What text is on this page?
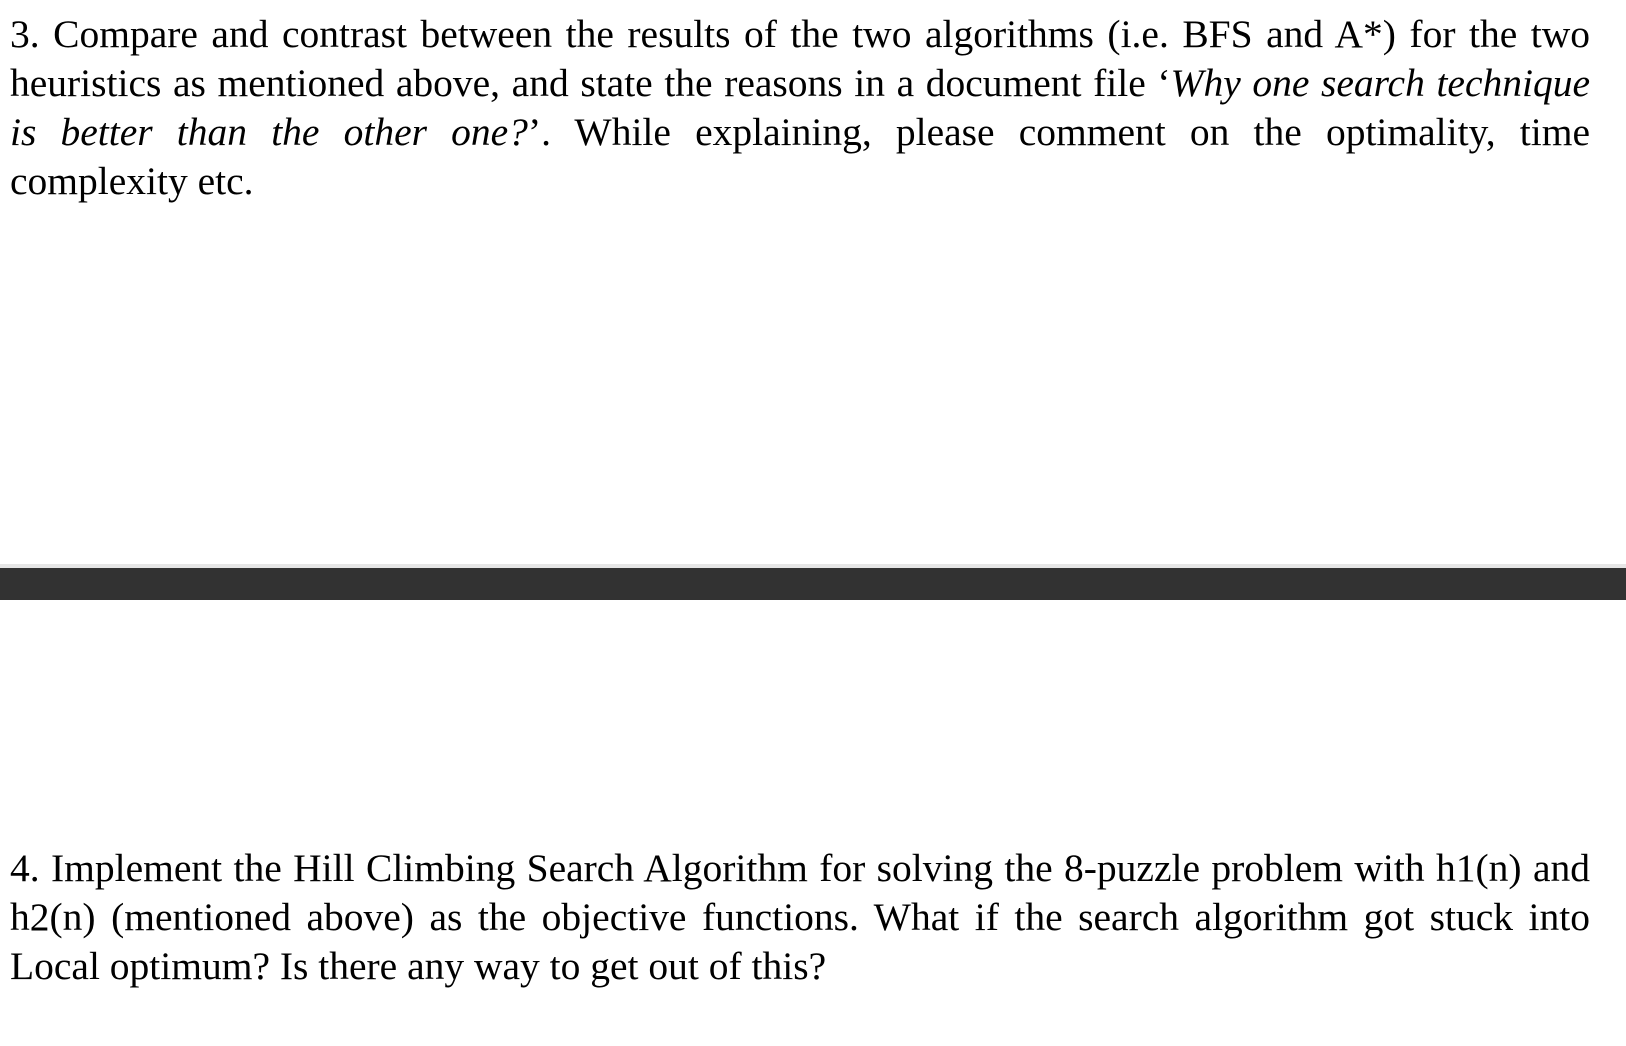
3. Compare and contrast between the results of the two algorithms (i.e. BFS and A*) for the two heuristics as mentioned above, and state the reasons in a document file ‘Why one search technique is better than the other one?’. While explaining, please comment on the optimality, time complexity etc.

4. Implement the Hill Climbing Search Algorithm for solving the 8-puzzle problem with h1(n) and h2(n) (mentioned above) as the objective functions. What if the search algorithm got stuck into Local optimum? Is there any way to get out of this?
